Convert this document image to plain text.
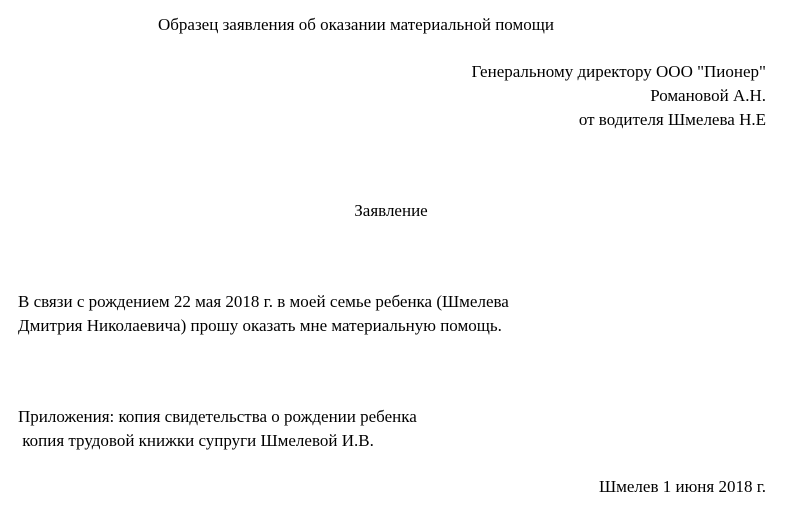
Образец заявления об оказании материальной помощи
Генеральному директору ООО "Пионер"
Романовой А.Н.
от водителя Шмелева Н.Е
Заявление
В связи с рождением 22 мая 2018 г. в моей семье ребенка (Шмелева
Дмитрия Николаевича) прошу оказать мне материальную помощь.
Приложения: копия свидетельства о рождении ребенка
копия трудовой книжки супруги Шмелевой И.В.
Шмелев 1 июня 2018 г.
